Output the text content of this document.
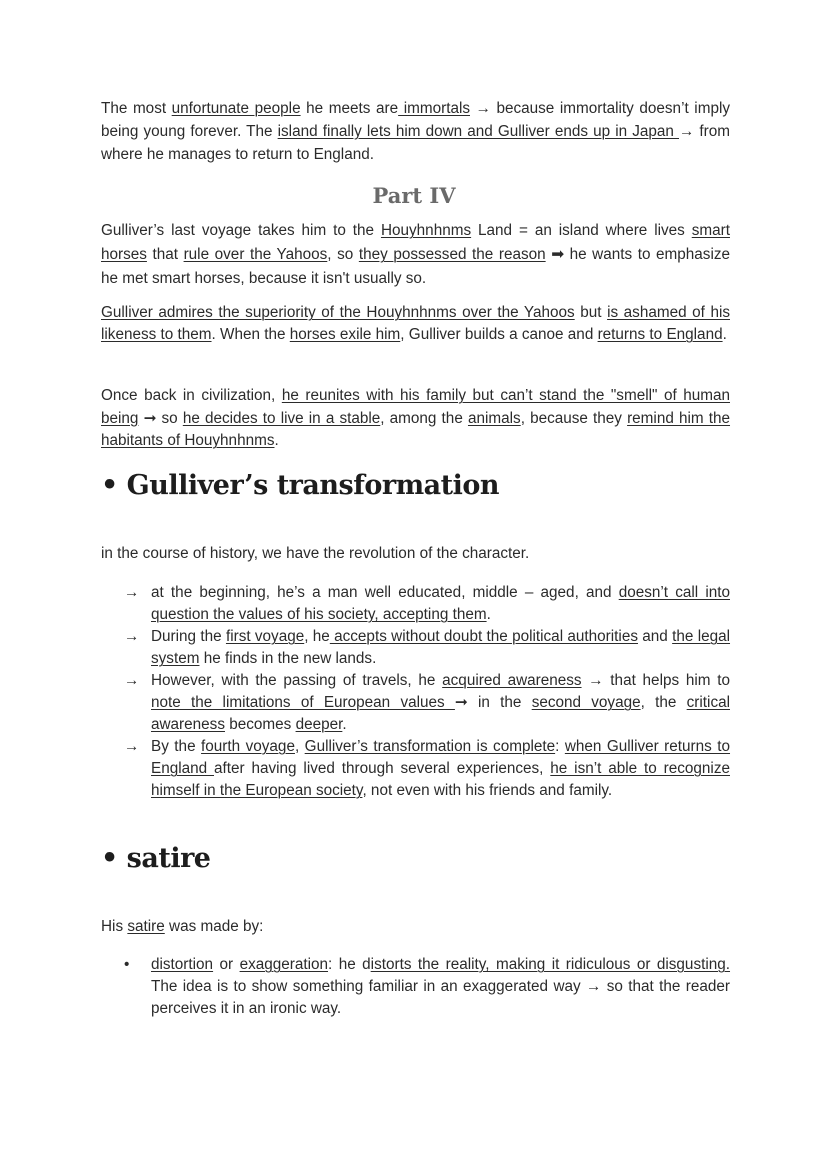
The most unfortunate people he meets are immortals → because immortality doesn’t imply being young forever. The island finally lets him down and Gulliver ends up in Japan → from where he manages to return to England.
Part IV
Gulliver’s last voyage takes him to the Houyhnhnms Land = an island where lives smart horses that rule over the Yahoos, so they possessed the reason ➡ he wants to emphasize he met smart horses, because it isn't usually so.
Gulliver admires the superiority of the Houyhnhnms over the Yahoos but is ashamed of his likeness to them. When the horses exile him, Gulliver builds a canoe and returns to England.
Once back in civilization, he reunites with his family but can’t stand the "smell" of human being ➞ so he decides to live in a stable, among the animals, because they remind him the habitants of Houyhnhnms.
• Gulliver’s transformation
in the course of history, we have the revolution of the character.
→ at the beginning, he’s a man well educated, middle – aged, and doesn’t call into question the values of his society, accepting them.
→ During the first voyage, he accepts without doubt the political authorities and the legal system he finds in the new lands.
→ However, with the passing of travels, he acquired awareness → that helps him to note the limitations of European values ➞ in the second voyage, the critical awareness becomes deeper.
→ By the fourth voyage, Gulliver’s transformation is complete: when Gulliver returns to England after having lived through several experiences, he isn’t able to recognize himself in the European society, not even with his friends and family.
• satire
His satire was made by:
• distortion or exaggeration: he distorts the reality, making it ridiculous or disgusting. The idea is to show something familiar in an exaggerated way → so that the reader perceives it in an ironic way.
